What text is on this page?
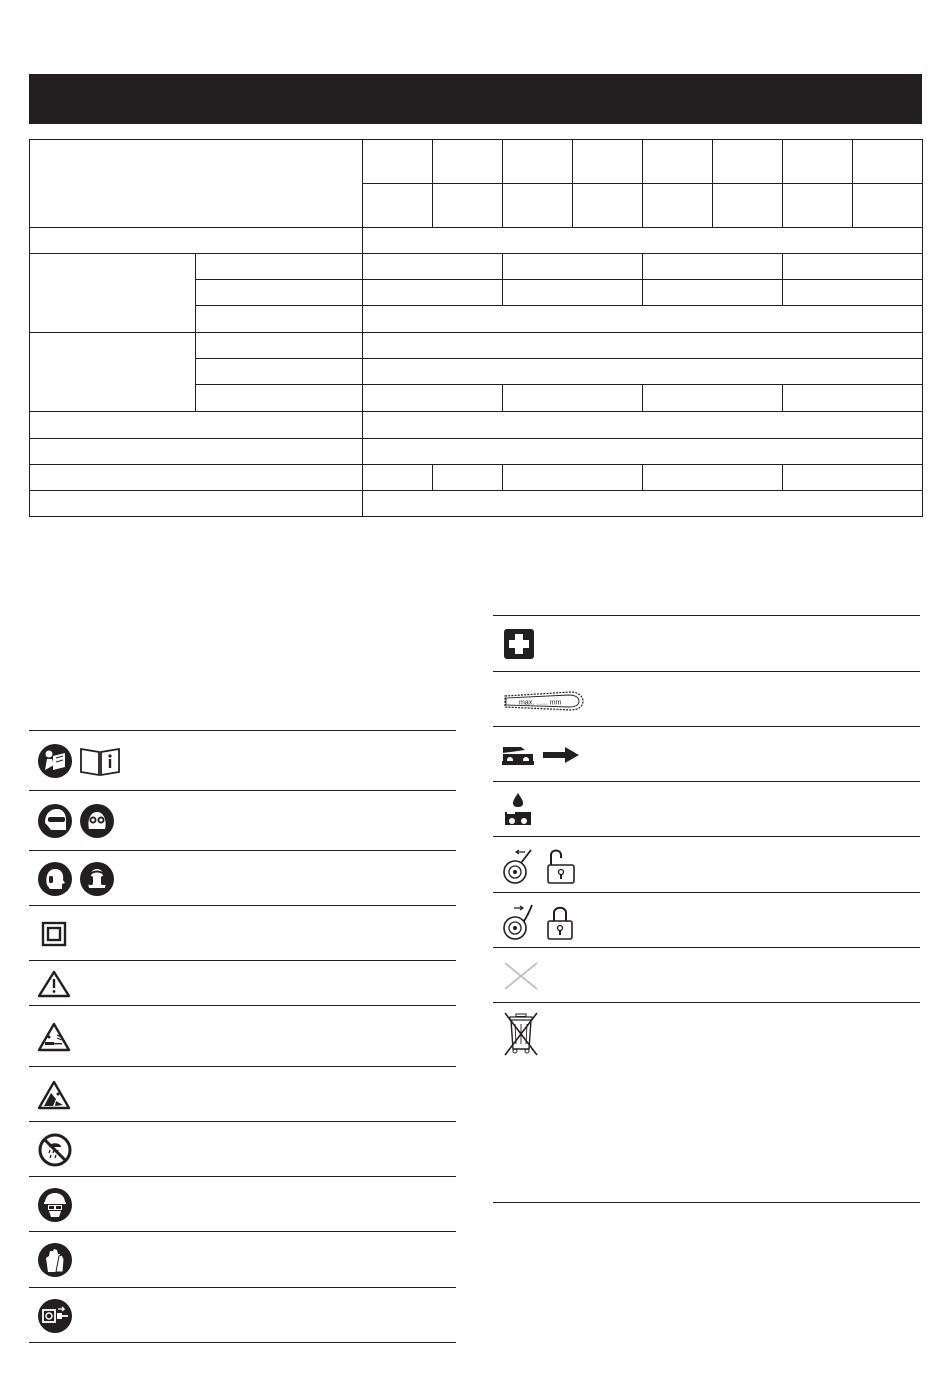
max. ...... mm
